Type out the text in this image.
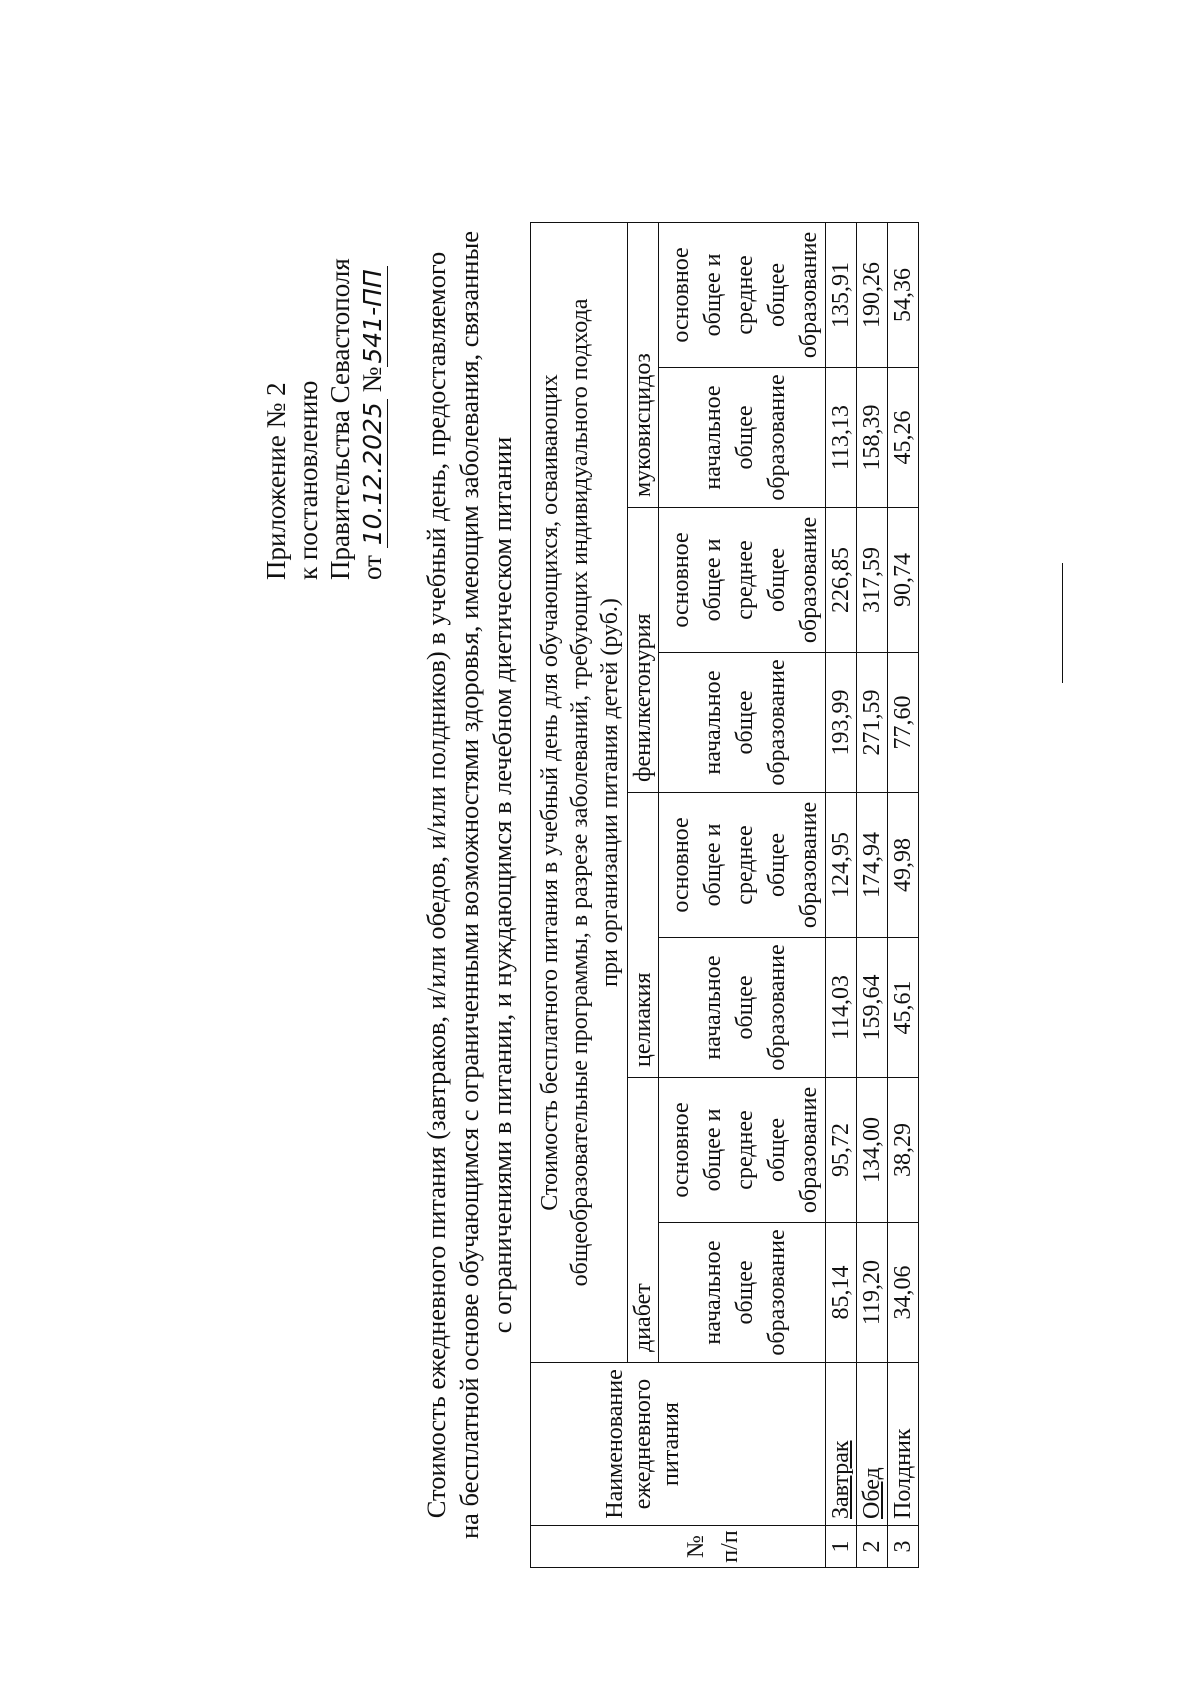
Приложение № 2 к постановлению Правительства Севастополя от 10.12.2025 №541-ПП Стоимость ежедневного питания (завтраков, и/или обедов, и/или полдников) в учебный день, предоставляемого на бесплатной основе обучающимся с ограниченными возможностями здоровья, имеющим заболевания, связанные с ограничениями в питании, и нуждающимся в лечебном диетическом питании
№ п/п	Наименование ежедневного питания	Стоимость бесплатного питания в учебный день для обучающихся, осваивающих общеобразовательные программы, в разрезе заболеваний, требующих индивидуального подхода при организации питания детей (руб.)							

		диабет		целиакия		фенилкетонурия		муковисцидоз	
		начальное общее образование	основное общее и среднее общее образование	начальное общее образование	основное общее и среднее общее образование	начальное общее образование	основное общее и среднее общее образование	начальное общее образование	основное общее и среднее общее образование
1	Завтрак	85,14	95,72	114,03	124,95	193,99	226,85	113,13	135,91
2	Обед	119,20	134,00	159,64	174,94	271,59	317,59	158,39	190,26
3	Полдник	34,06	38,29	45,61	49,98	77,60	90,74	45,26	54,36
